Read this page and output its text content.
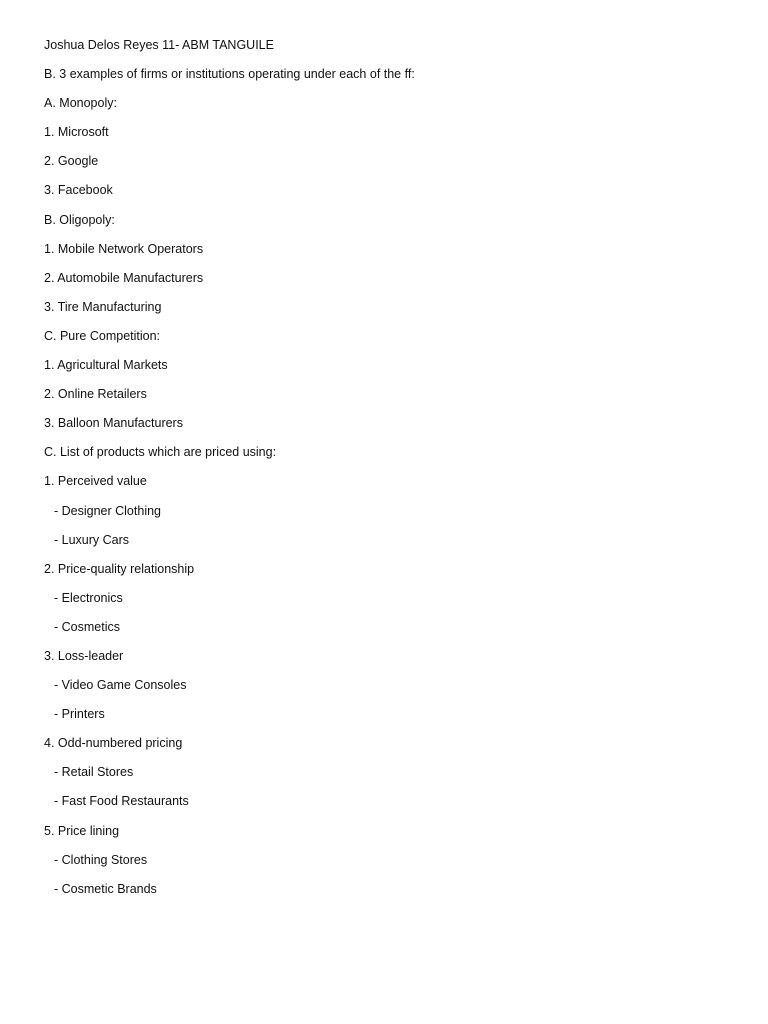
Joshua Delos Reyes 11- ABM TANGUILE
B. 3 examples of firms or institutions operating under each of the ff:
A. Monopoly:
1. Microsoft
2. Google
3. Facebook
B. Oligopoly:
1. Mobile Network Operators
2. Automobile Manufacturers
3. Tire Manufacturing
C. Pure Competition:
1. Agricultural Markets
2. Online Retailers
3. Balloon Manufacturers
C. List of products which are priced using:
1. Perceived value
- Designer Clothing
- Luxury Cars
2. Price-quality relationship
- Electronics
- Cosmetics
3. Loss-leader
- Video Game Consoles
- Printers
4. Odd-numbered pricing
- Retail Stores
- Fast Food Restaurants
5. Price lining
- Clothing Stores
- Cosmetic Brands
